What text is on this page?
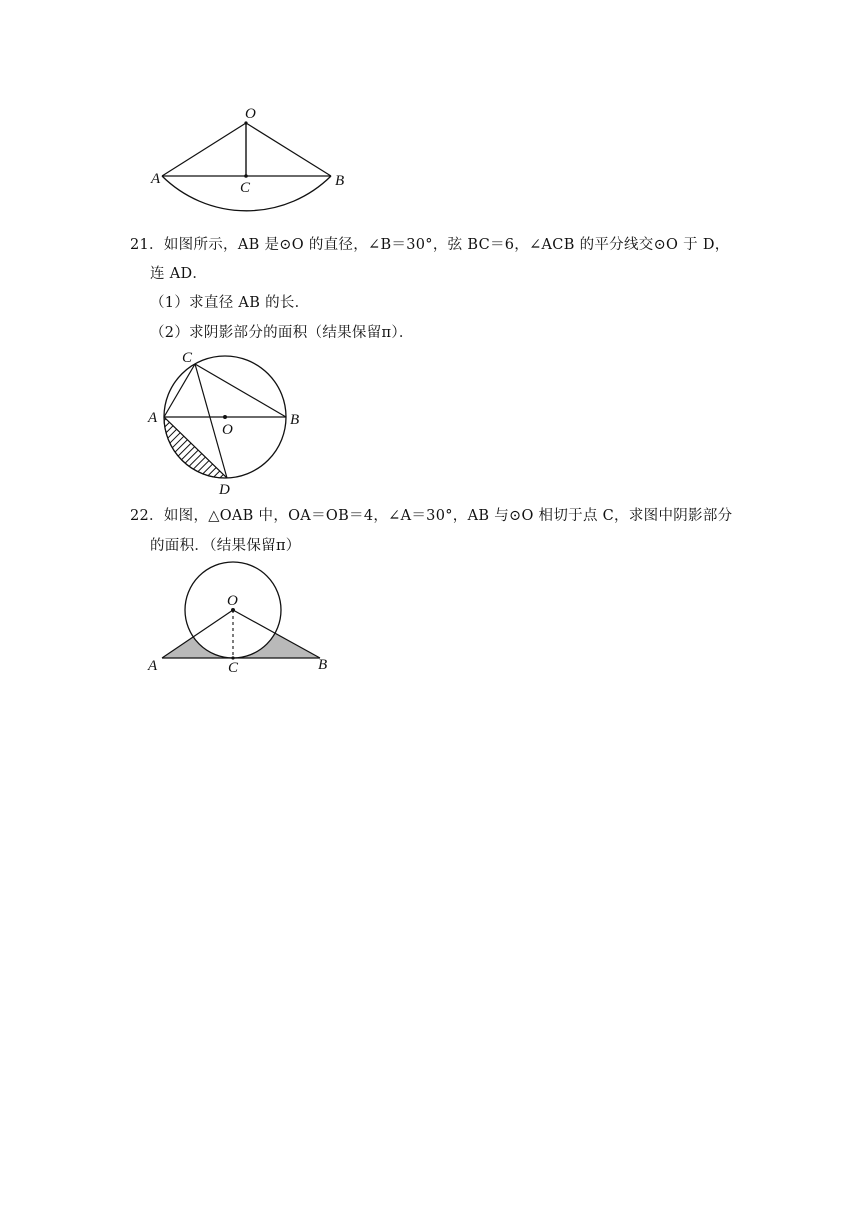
O
A	B
C
21．如图所示，AB 是⊙O 的直径，∠B＝30°，弦 BC＝6，∠ACB 的平分线交⊙O 于 D，
连 AD．
（1）求直径 AB 的长．
（2）求阴影部分的面积（结果保留π）．
C
A	B
O
D
22．如图，△OAB 中，OA＝OB＝4，∠A＝30°，AB 与⊙O 相切于点 C，求图中阴影部分
的面积．（结果保留π）
O
A	B
C
